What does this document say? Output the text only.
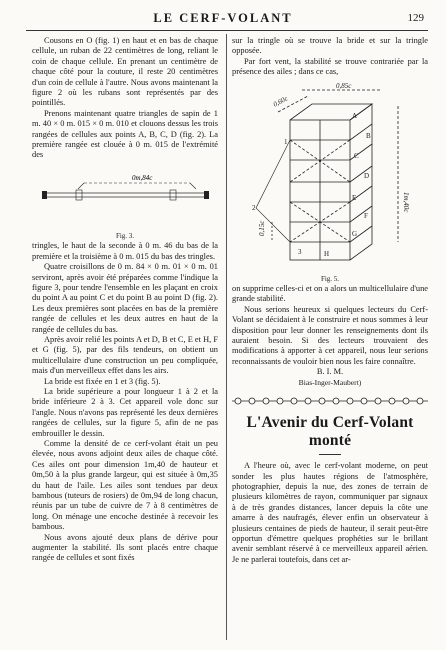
LE CERF-VOLANT	129

Cousons en O (fig. 1) en haut et en bas de chaque cellule, un ruban de 22 centimètres de long, reliant le coin de chaque cellule. En prenant un centimètre de chaque côté pour la couture, il reste 20 centimètres d'un coin de cellule à l'autre. Nous avons maintenant la figure 2 où les rubans sont représentés par des pointillés.

Prenons maintenant quatre triangles de sapin de 1 m. 40 × 0 m. 015 × 0 m. 010 et clouons dessus les trois rangées de cellules aux points A, B, C, D (fig. 2). La première rangée est clouée à 0 m. 015 de l'extrémité des

0m,84c

Fig. 3.

tringles, le haut de la seconde à 0 m. 46 du bas de la première et la troisième à 0 m. 015 du bas des tringles.

Quatre croisillons de 0 m. 84 × 0 m. 01 × 0 m. 01 serviront, après avoir été préparées comme l'indique la figure 3, pour tendre l'ensemble en les plaçant en croix du point A au point C et du point B au point D (fig. 2). Les deux premières sont placées en bas de la première rangée de cellules et les deux autres en haut de la rangée de cellules du bas.

Après avoir relié les points A et D, B et C, E et H, F et G (fig. 5), par des fils tendeurs, on obtient un multicellulaire d'une construction un peu compliquée, mais d'un merveilleux effet dans les airs.

La bride est fixée en 1 et 3 (fig. 5).

La bride supérieure a pour longueur 1 à 2 et la bride inférieure 2 à 3. Cet appareil vole donc sur l'angle. Nous n'avons pas représenté les deux dernières rangées de cellules, sur la figure 5, afin de ne pas embrouiller le dessin.

Comme la densité de ce cerf-volant était un peu élevée, nous avons adjoint deux ailes de chaque côté. Ces ailes ont pour dimension 1m,40 de hauteur et 0m,50 à la plus grande largeur, qui est située à 0m,35 du haut de l'aile. Les ailes sont tendues par deux bambous (tuteurs de rosiers) de 0m,94 de long chacun, réunis par un tube de cuivre de 7 à 8 centimètres de long. On ménage une encoche destinée à recevoir les bambous.

Nous avons ajouté deux plans de dérive pour augmenter la stabilité. Ils sont placés entre chaque rangée de cellules et sont fixés

sur la tringle où se trouve la bride et sur la tringle opposée.

Par fort vent, la stabilité se trouve contrariée par la présence des ailes ; dans ce cas,

0,85c
0,60c
1m,40c
0,15c
A
B
C
D
E
F
G
H
1
2
3

Fig. 5.

on supprime celles-ci et on a alors un multicellulaire d'une grande stabilité.

Nous serions heureux si quelques lecteurs du Cerf-Volant se décidaient à le construire et nous sommes à leur disposition pour leur donner les renseignements dont ils auraient besoin. Si des lecteurs trouvaient des modifications à apporter à cet appareil, nous leur serions reconnaissants de vouloir bien nous les faire connaître.

B. I. M.

Bias-Inger-Maubert)

L'Avenir du Cerf-Volant monté

A l'heure où, avec le cerf-volant moderne, on peut sonder les plus hautes régions de l'atmosphère, photographier, depuis la nue, des zones de terrain de plusieurs kilomètres de rayon, communiquer par signaux à de très grandes distances, lancer depuis la côte une amarre à des naufragés, élever enfin un observateur à plusieurs centaines de pieds de hauteur, il serait peut-être opportun d'émettre quelques prophéties sur le brillant avenir semblant réservé à ce merveilleux appareil aérien. Je ne parlerai toutefois, dans cet ar-
